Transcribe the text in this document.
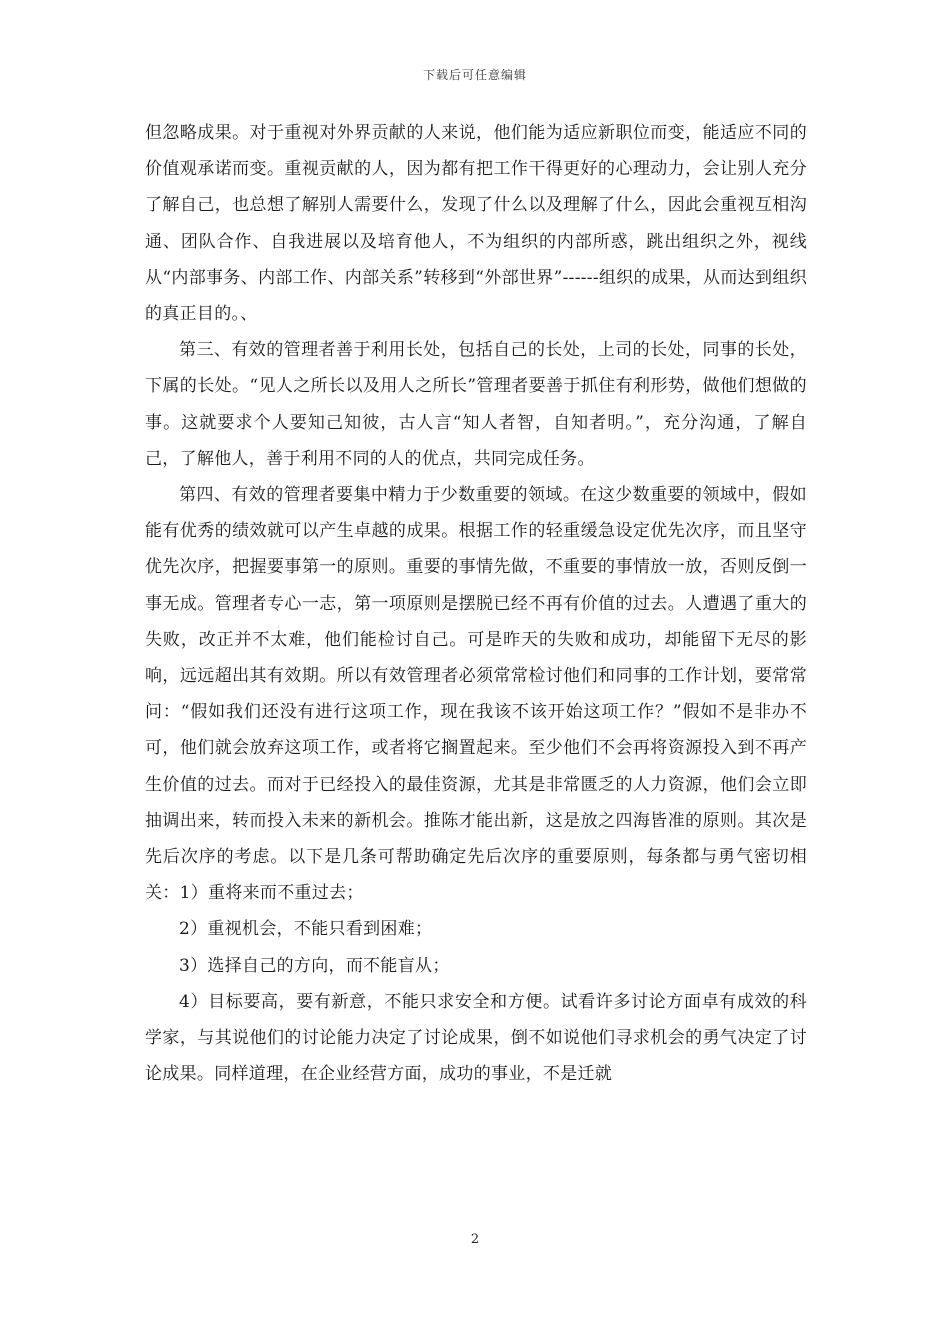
下载后可任意编辑

但忽略成果。对于重视对外界贡献的人来说，他们能为适应新职位而变，能适应不同的价值观承诺而变。重视贡献的人，因为都有把工作干得更好的心理动力，会让别人充分了解自己，也总想了解别人需要什么，发现了什么以及理解了什么，因此会重视互相沟通、团队合作、自我进展以及培育他人，不为组织的内部所惑，跳出组织之外，视线从“内部事务、内部工作、内部关系”转移到“外部世界”------组织的成果，从而达到组织的真正目的。、

第三、有效的管理者善于利用长处，包括自己的长处，上司的长处，同事的长处，下属的长处。“见人之所长以及用人之所长”管理者要善于抓住有利形势，做他们想做的事。这就要求个人要知己知彼，古人言“知人者智，自知者明。”，充分沟通，了解自己，了解他人，善于利用不同的人的优点，共同完成任务。

第四、有效的管理者要集中精力于少数重要的领域。在这少数重要的领域中，假如能有优秀的绩效就可以产生卓越的成果。根据工作的轻重缓急设定优先次序，而且坚守优先次序，把握要事第一的原则。重要的事情先做，不重要的事情放一放，否则反倒一事无成。管理者专心一志，第一项原则是摆脱已经不再有价值的过去。人遭遇了重大的失败，改正并不太难，他们能检讨自己。可是昨天的失败和成功，却能留下无尽的影响，远远超出其有效期。所以有效管理者必须常常检讨他们和同事的工作计划，要常常问：“假如我们还没有进行这项工作，现在我该不该开始这项工作？”假如不是非办不可，他们就会放弃这项工作，或者将它搁置起来。至少他们不会再将资源投入到不再产生价值的过去。而对于已经投入的最佳资源，尤其是非常匮乏的人力资源，他们会立即抽调出来，转而投入未来的新机会。推陈才能出新，这是放之四海皆准的原则。其次是先后次序的考虑。以下是几条可帮助确定先后次序的重要原则，每条都与勇气密切相关：1）重将来而不重过去；

2）重视机会，不能只看到困难；

3）选择自己的方向，而不能盲从；

4）目标要高，要有新意，不能只求安全和方便。试看许多讨论方面卓有成效的科学家，与其说他们的讨论能力决定了讨论成果，倒不如说他们寻求机会的勇气决定了讨论成果。同样道理，在企业经营方面，成功的事业，不是迁就

2
